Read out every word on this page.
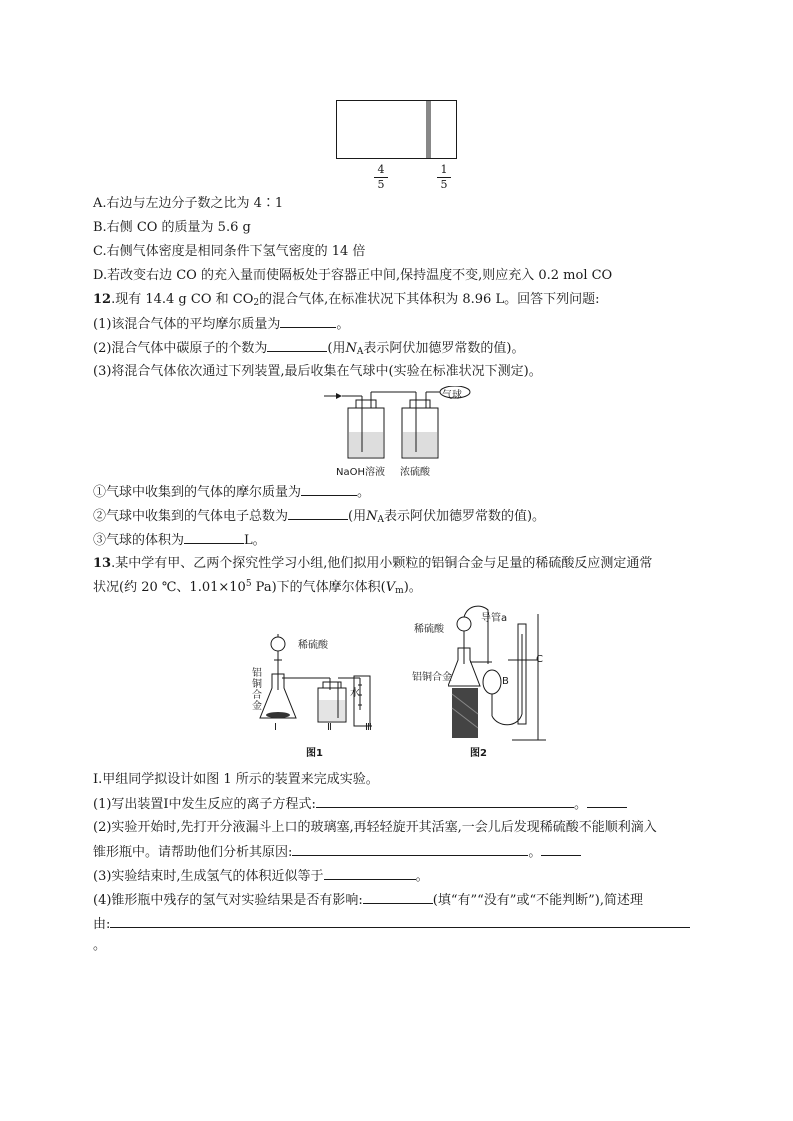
4
5
1
5
A.右边与左边分子数之比为 4∶1
B.右侧 CO 的质量为 5.6 g
C.右侧气体密度是相同条件下氢气密度的 14 倍
D.若改变右边 CO 的充入量而使隔板处于容器正中间,保持温度不变,则应充入 0.2 mol CO
12.现有 14.4 g CO 和 $CO_2$的混合气体,在标准状况下其体积为 8.96 L。回答下列问题:
(1)该混合气体的平均摩尔质量为	。
(2)混合气体中碳原子的个数为	(用$N_A$表示阿伏加德罗常数的值)。
(3)将混合气体依次通过下列装置,最后收集在气球中(实验在标准状况下测定)。
气球
NaOH溶液 浓硫酸
①气球中收集到的气体的摩尔质量为	。
②气球中收集到的气体电子总数为	(用$N_A$表示阿伏加德罗常数的值)。
③气球的体积为	L。
13.某中学有甲、乙两个探究性学习小组,他们拟用小颗粒的铝铜合金与足量的稀硫酸反应测定通常
状况(约 20 ℃、$1.01\times 10^5$ Pa)下的气体摩尔体积$(V_m)$。
稀硫酸
铝铜合金
水
Ⅰ	Ⅱ	Ⅲ
图1
导管a
稀硫酸
铝铜合金	B
C
图2
Ⅰ.甲组同学拟设计如图 1 所示的装置来完成实验。
(1)写出装置Ⅰ中发生反应的离子方程式:	。
(2)实验开始时,先打开分液漏斗上口的玻璃塞,再轻轻旋开其活塞,一会儿后发现稀硫酸不能顺利滴入
锥形瓶中。请帮助他们分析其原因:	。
(3)实验结束时,生成氢气的体积近似等于	。
(4)锥形瓶中残存的氢气对实验结果是否有影响:	(填“有”“没有”或“不能判断”),简述理
由:
。
